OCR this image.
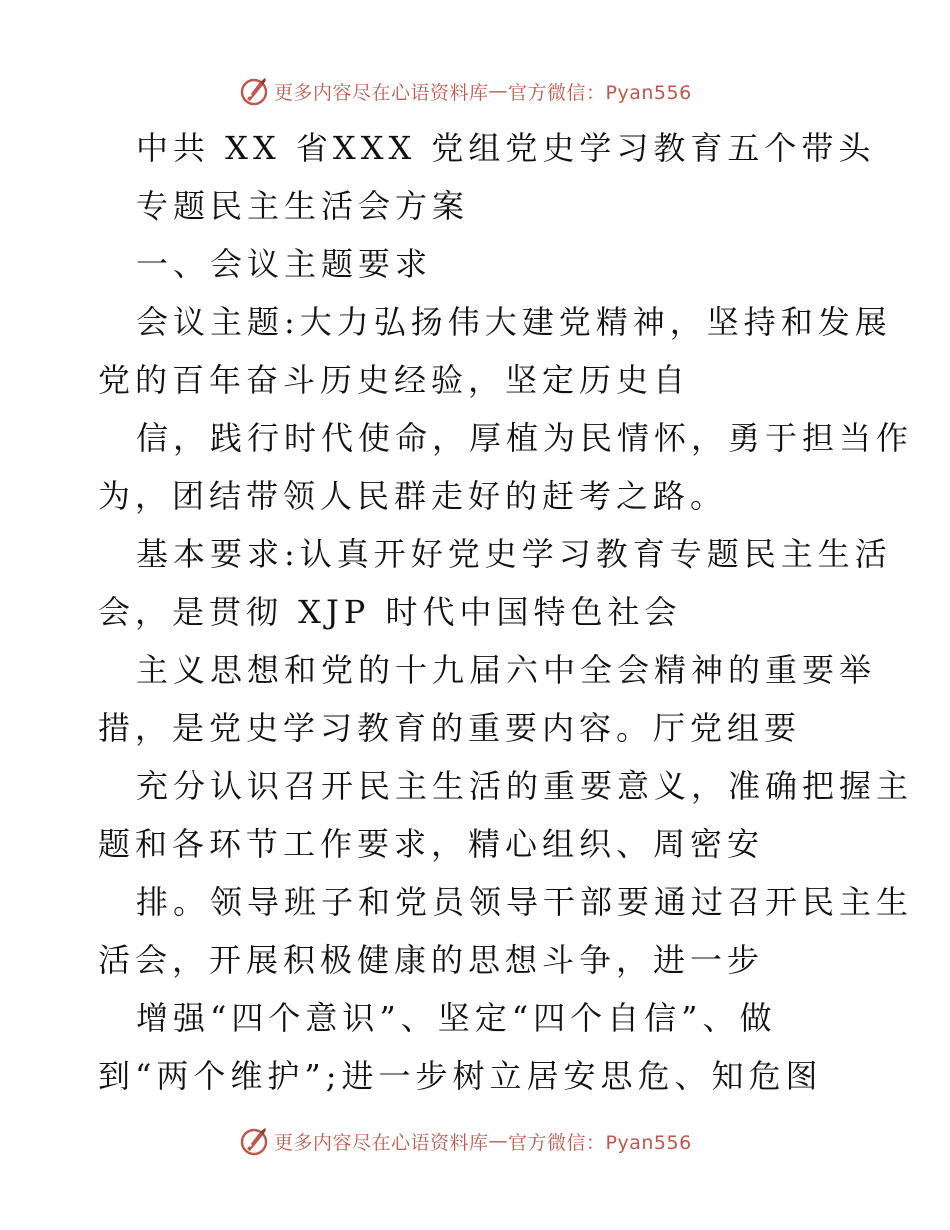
更多内容尽在心语资料库 — 官方微信：Pyan556
中共 XX 省XXX 党组党史学习教育五个带头
专题民主生活会方案
一、会议主题要求
会议主题:大力弘扬伟大建党精神，坚持和发展
党的百年奋斗历史经验，坚定历史自
信，践行时代使命，厚植为民情怀，勇于担当作
为，团结带领人民群走好的赶考之路。
基本要求:认真开好党史学习教育专题民主生活
会，是贯彻 XJP 时代中国特色社会
主义思想和党的十九届六中全会精神的重要举
措，是党史学习教育的重要内容。厅党组要
充分认识召开民主生活的重要意义，准确把握主
题和各环节工作要求，精心组织、周密安
排。领导班子和党员领导干部要通过召开民主生
活会，开展积极健康的思想斗争，进一步
增强“四个意识”、坚定“四个自信”、做
到“两个维护”;进一步树立居安思危、知危图
更多内容尽在心语资料库 — 官方微信：Pyan556
